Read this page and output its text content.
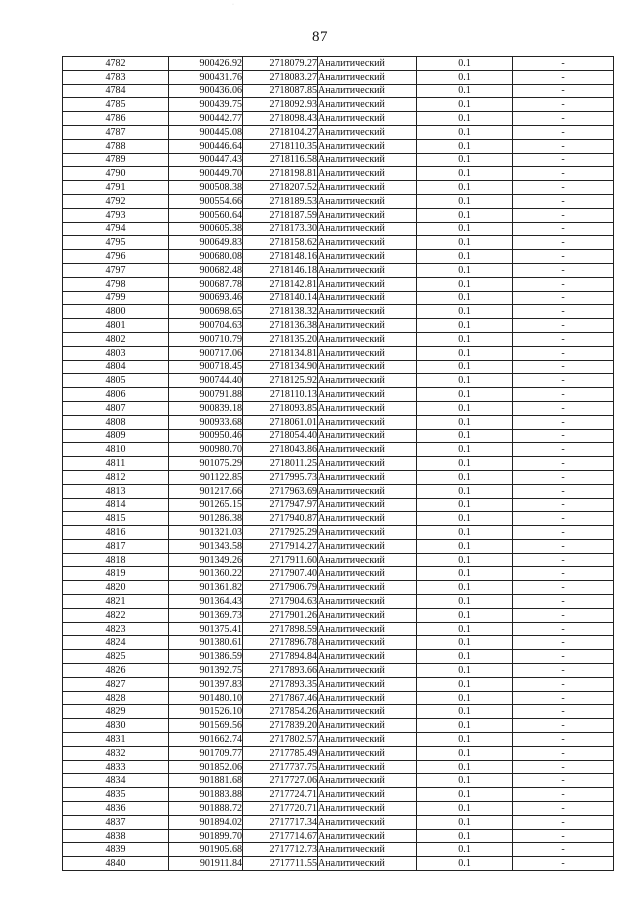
87
4782	900426.92	2718079.27	Аналитический	0.1	-
4783	900431.76	2718083.27	Аналитический	0.1	-
4784	900436.06	2718087.85	Аналитический	0.1	-
4785	900439.75	2718092.93	Аналитический	0.1	-
4786	900442.77	2718098.43	Аналитический	0.1	-
4787	900445.08	2718104.27	Аналитический	0.1	-
4788	900446.64	2718110.35	Аналитический	0.1	-
4789	900447.43	2718116.58	Аналитический	0.1	-
4790	900449.70	2718198.81	Аналитический	0.1	-
4791	900508.38	2718207.52	Аналитический	0.1	-
4792	900554.66	2718189.53	Аналитический	0.1	-
4793	900560.64	2718187.59	Аналитический	0.1	-
4794	900605.38	2718173.30	Аналитический	0.1	-
4795	900649.83	2718158.62	Аналитический	0.1	-
4796	900680.08	2718148.16	Аналитический	0.1	-
4797	900682.48	2718146.18	Аналитический	0.1	-
4798	900687.78	2718142.81	Аналитический	0.1	-
4799	900693.46	2718140.14	Аналитический	0.1	-
4800	900698.65	2718138.32	Аналитический	0.1	-
4801	900704.63	2718136.38	Аналитический	0.1	-
4802	900710.79	2718135.20	Аналитический	0.1	-
4803	900717.06	2718134.81	Аналитический	0.1	-
4804	900718.45	2718134.90	Аналитический	0.1	-
4805	900744.40	2718125.92	Аналитический	0.1	-
4806	900791.88	2718110.13	Аналитический	0.1	-
4807	900839.18	2718093.85	Аналитический	0.1	-
4808	900933.68	2718061.01	Аналитический	0.1	-
4809	900950.46	2718054.40	Аналитический	0.1	-
4810	900980.70	2718043.86	Аналитический	0.1	-
4811	901075.29	2718011.25	Аналитический	0.1	-
4812	901122.85	2717995.73	Аналитический	0.1	-
4813	901217.66	2717963.69	Аналитический	0.1	-
4814	901265.15	2717947.97	Аналитический	0.1	-
4815	901286.38	2717940.87	Аналитический	0.1	-
4816	901321.03	2717925.29	Аналитический	0.1	-
4817	901343.58	2717914.27	Аналитический	0.1	-
4818	901349.26	2717911.60	Аналитический	0.1	-
4819	901360.22	2717907.40	Аналитический	0.1	-
4820	901361.82	2717906.79	Аналитический	0.1	-
4821	901364.43	2717904.63	Аналитический	0.1	-
4822	901369.73	2717901.26	Аналитический	0.1	-
4823	901375.41	2717898.59	Аналитический	0.1	-
4824	901380.61	2717896.78	Аналитический	0.1	-
4825	901386.59	2717894.84	Аналитический	0.1	-
4826	901392.75	2717893.66	Аналитический	0.1	-
4827	901397.83	2717893.35	Аналитический	0.1	-
4828	901480.10	2717867.46	Аналитический	0.1	-
4829	901526.10	2717854.26	Аналитический	0.1	-
4830	901569.56	2717839.20	Аналитический	0.1	-
4831	901662.74	2717802.57	Аналитический	0.1	-
4832	901709.77	2717785.49	Аналитический	0.1	-
4833	901852.06	2717737.75	Аналитический	0.1	-
4834	901881.68	2717727.06	Аналитический	0.1	-
4835	901883.88	2717724.71	Аналитический	0.1	-
4836	901888.72	2717720.71	Аналитический	0.1	-
4837	901894.02	2717717.34	Аналитический	0.1	-
4838	901899.70	2717714.67	Аналитический	0.1	-
4839	901905.68	2717712.73	Аналитический	0.1	-
4840	901911.84	2717711.55	Аналитический	0.1	-
·
